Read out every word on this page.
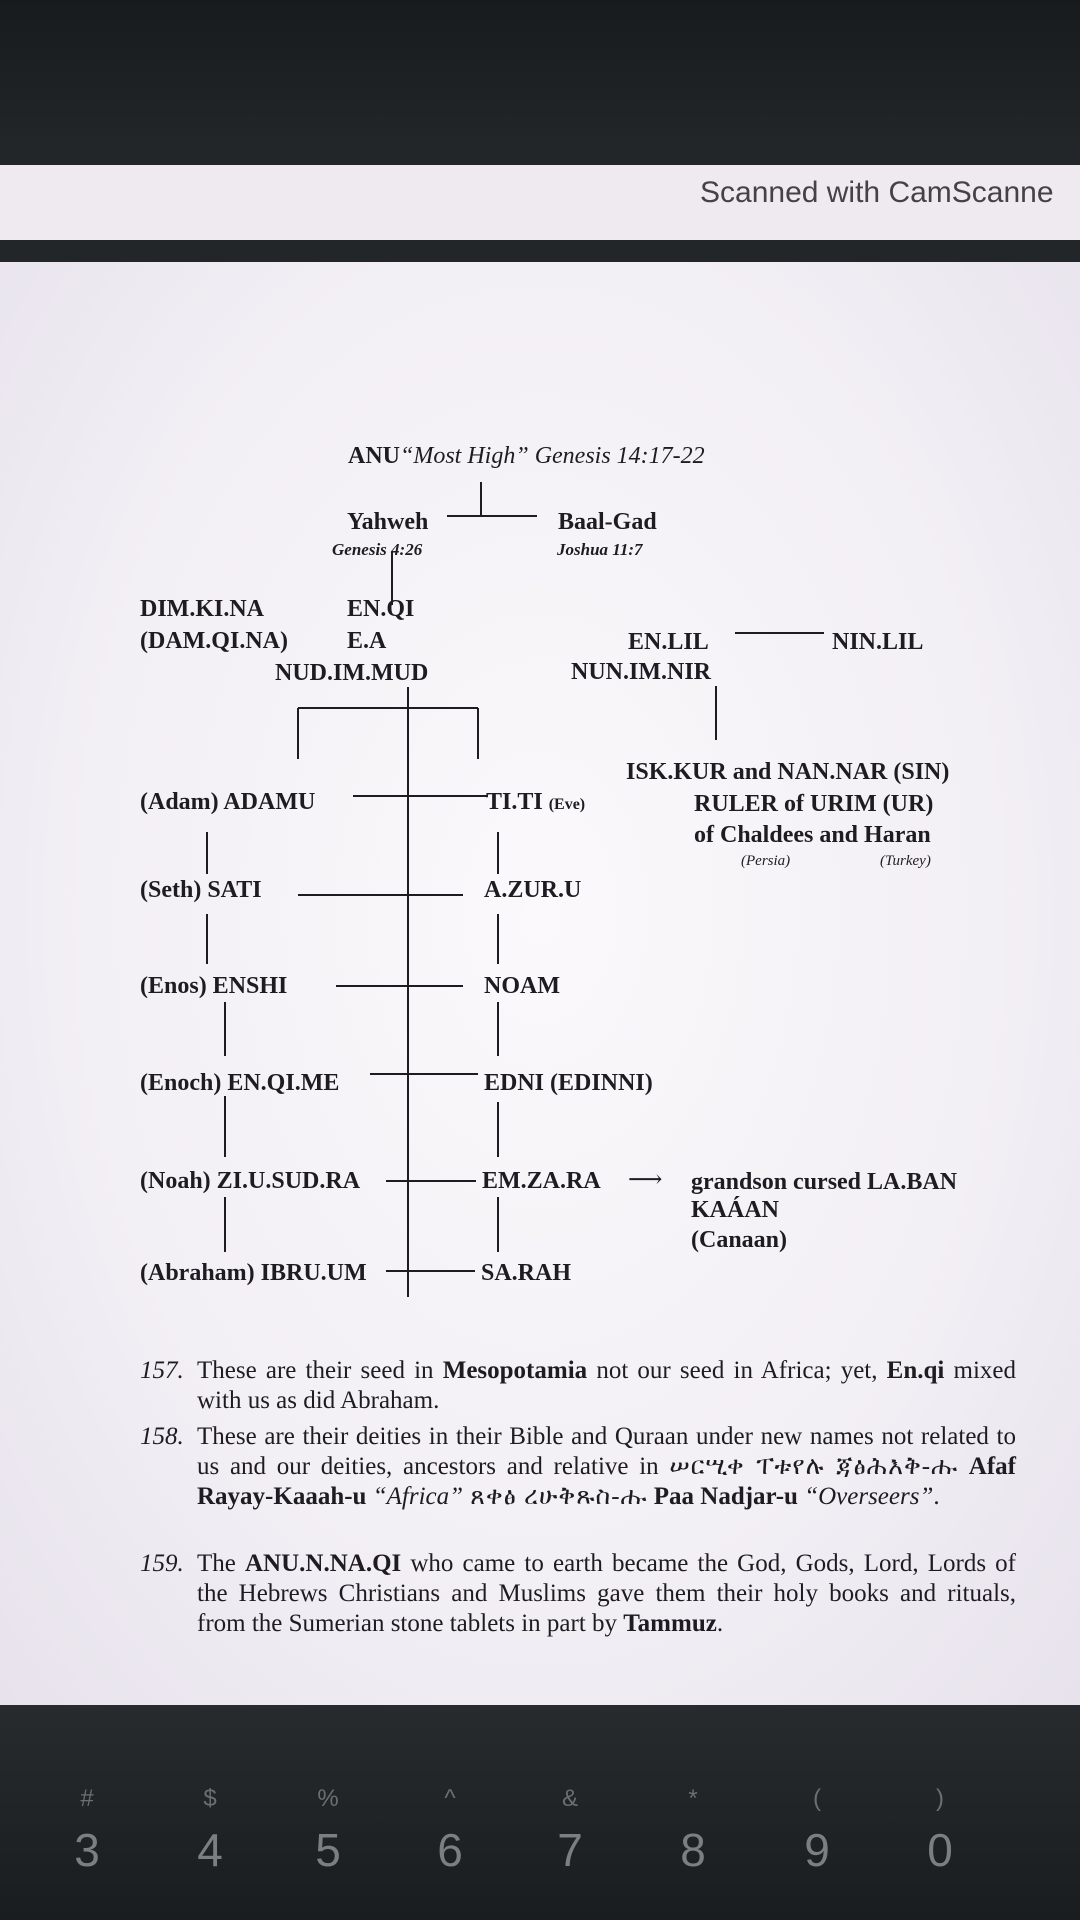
Scanned with CamScanne
ANU“Most High” Genesis 14:17-22
Yahweh
Genesis 4:26
Baal-Gad
Joshua 11:7
DIM.KI.NA
(DAM.QI.NA)
EN.QI
E.A
NUD.IM.MUD
EN.LIL	NIN.LIL
NUN.IM.NIR
ISK.KUR and NAN.NAR (SIN)
RULER of URIM (UR)
of Chaldees and Haran
(Persia)	(Turkey)
(Adam) ADAMU	TI.TI (Eve)
(Seth) SATI	A.ZUR.U
(Enos) ENSHI	NOAM
(Enoch) EN.QI.ME	EDNI (EDINNI)
(Noah) ZI.U.SUD.RA	EM.ZA.RA ⟶ grandson cursed LA.BAN
KAÁAN
(Canaan)
(Abraham) IBRU.UM	SA.RAH
157. These are their seed in Mesopotamia not our seed in Africa; yet, En.qi mixed with us as did Abraham.
158. These are their deities in their Bible and Quraan under new names not related to us and our deities, ancestors and relative in ሠርሢቀ ፐቱየሉ ጃፅሕእቅ-ሑ Afaf Rayay-Kaaah-u “Africa” ጸቀፅ ረሁቅጹስ-ሑ Paa Nadjar-u “Overseers”.
159. The ANU.N.NA.QI who came to earth became the God, Gods, Lord, Lords of the Hebrews Christians and Muslims gave them their holy books and rituals, from the Sumerian stone tablets in part by Tammuz.
#
3
$
4
%
5
^
6
&
7
*
8
(
9
)
0
